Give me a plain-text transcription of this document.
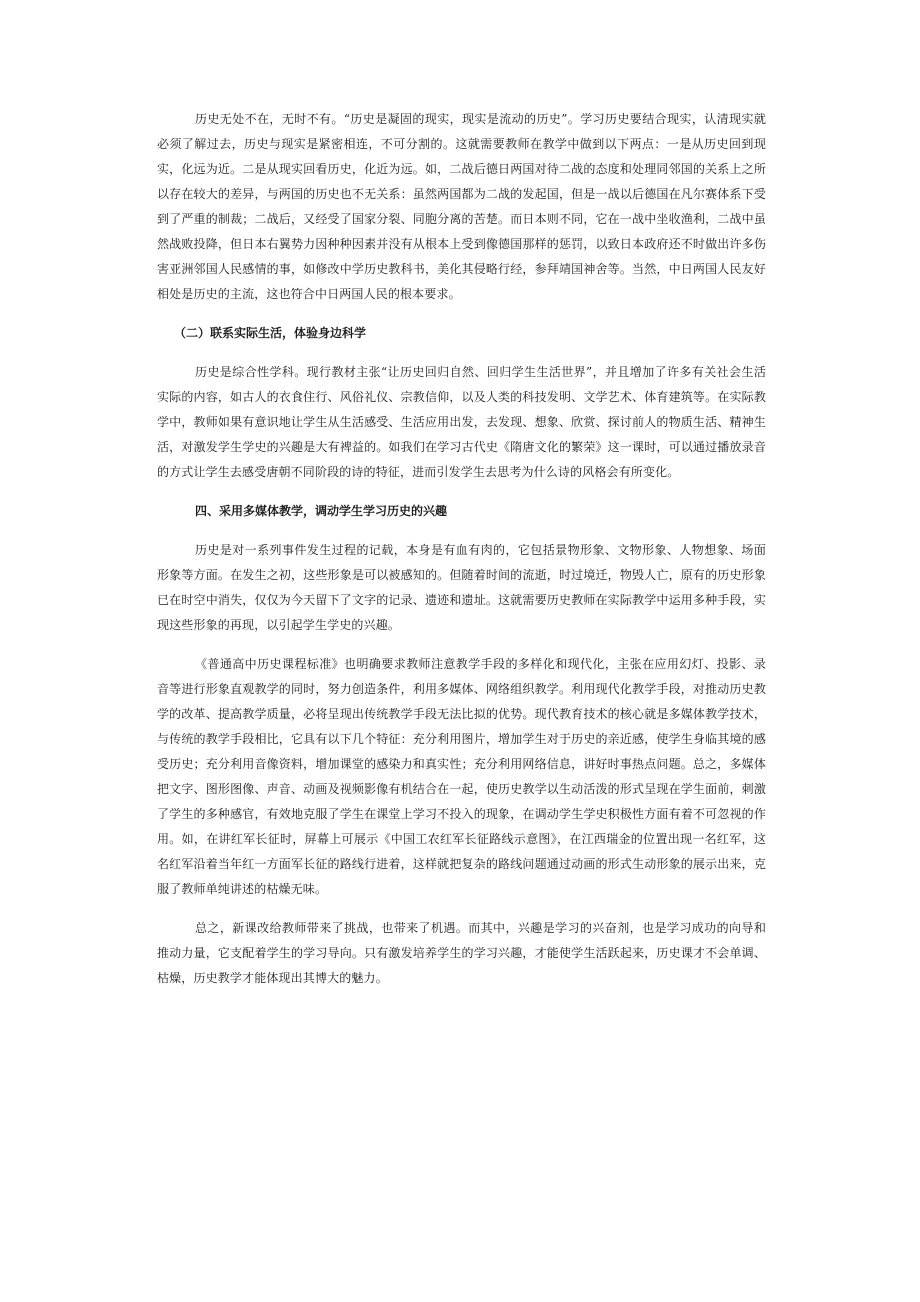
历史无处不在，无时不有。“历史是凝固的现实，现实是流动的历史”。学习历史要结合现实，认清现实就必须了解过去，历史与现实是紧密相连，不可分割的。这就需要教师在教学中做到以下两点：一是从历史回到现实，化远为近。二是从现实回看历史，化近为远。如，二战后德日两国对待二战的态度和处理同邻国的关系上之所以存在较大的差异，与两国的历史也不无关系：虽然两国都为二战的发起国，但是一战以后德国在凡尔赛体系下受到了严重的制裁；二战后，又经受了国家分裂、同胞分离的苦楚。而日本则不同，它在一战中坐收渔利，二战中虽然战败投降，但日本右翼势力因种种因素并没有从根本上受到像德国那样的惩罚，以致日本政府还不时做出许多伤害亚洲邻国人民感情的事，如修改中学历史教科书，美化其侵略行经，参拜靖国神舍等。当然，中日两国人民友好相处是历史的主流，这也符合中日两国人民的根本要求。

（二）联系实际生活，体验身边科学

历史是综合性学科。现行教材主张“让历史回归自然、回归学生生活世界”，并且增加了许多有关社会生活实际的内容，如古人的衣食住行、风俗礼仪、宗教信仰，以及人类的科技发明、文学艺术、体育建筑等。在实际教学中，教师如果有意识地让学生从生活感受、生活应用出发，去发现、想象、欣赏、探讨前人的物质生活、精神生活，对激发学生学史的兴趣是大有裨益的。如我们在学习古代史《隋唐文化的繁荣》这一课时，可以通过播放录音的方式让学生去感受唐朝不同阶段的诗的特征，进而引发学生去思考为什么诗的风格会有所变化。

四、采用多媒体教学，调动学生学习历史的兴趣

历史是对一系列事件发生过程的记载，本身是有血有肉的，它包括景物形象、文物形象、人物想象、场面形象等方面。在发生之初，这些形象是可以被感知的。但随着时间的流逝，时过境迁，物毁人亡，原有的历史形象已在时空中消失，仅仅为今天留下了文字的记录、遗迹和遗址。这就需要历史教师在实际教学中运用多种手段，实现这些形象的再现，以引起学生学史的兴趣。

《普通高中历史课程标准》也明确要求教师注意教学手段的多样化和现代化，主张在应用幻灯、投影、录音等进行形象直观教学的同时，努力创造条件，利用多媒体、网络组织教学。利用现代化教学手段，对推动历史教学的改革、提高教学质量，必将呈现出传统教学手段无法比拟的优势。现代教育技术的核心就是多媒体教学技术，与传统的教学手段相比，它具有以下几个特征：充分利用图片，增加学生对于历史的亲近感，使学生身临其境的感受历史；充分利用音像资料，增加课堂的感染力和真实性；充分利用网络信息，讲好时事热点问题。总之，多媒体把文字、图形图像、声音、动画及视频影像有机结合在一起，使历史教学以生动活泼的形式呈现在学生面前，刺激了学生的多种感官，有效地克服了学生在课堂上学习不投入的现象，在调动学生学史积极性方面有着不可忽视的作用。如，在讲红军长征时，屏幕上可展示《中国工农红军长征路线示意图》，在江西瑞金的位置出现一名红军，这名红军沿着当年红一方面军长征的路线行进着，这样就把复杂的路线问题通过动画的形式生动形象的展示出来，克服了教师单纯讲述的枯燥无味。

总之，新课改给教师带来了挑战，也带来了机遇。而其中，兴趣是学习的兴奋剂，也是学习成功的向导和推动力量，它支配着学生的学习导向。只有激发培养学生的学习兴趣，才能使学生活跃起来，历史课才不会单调、枯燥，历史教学才能体现出其博大的魅力。
